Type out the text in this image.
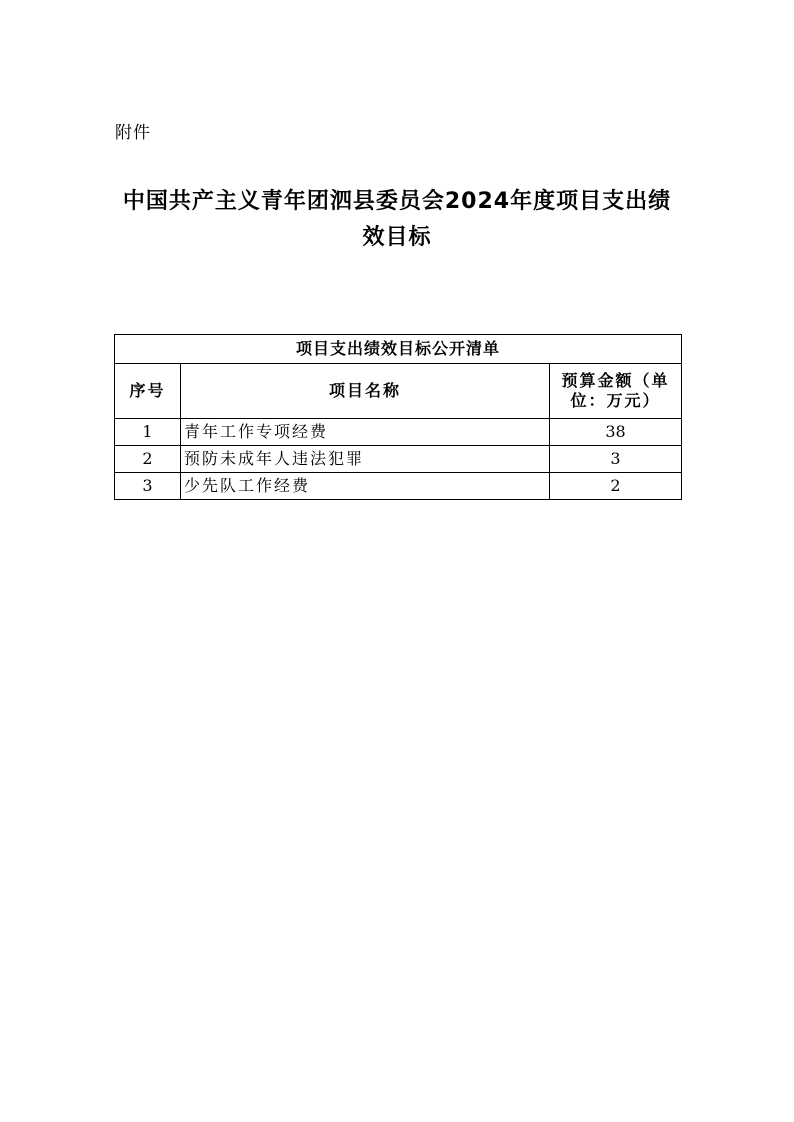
附件
中国共产主义青年团泗县委员会2024年度项目支出绩
效目标
项目支出绩效目标公开清单		
序号	项目名称	预算金额（单位：万元）
1	青年工作专项经费	38
2	预防未成年人违法犯罪	3
3	少先队工作经费	2
